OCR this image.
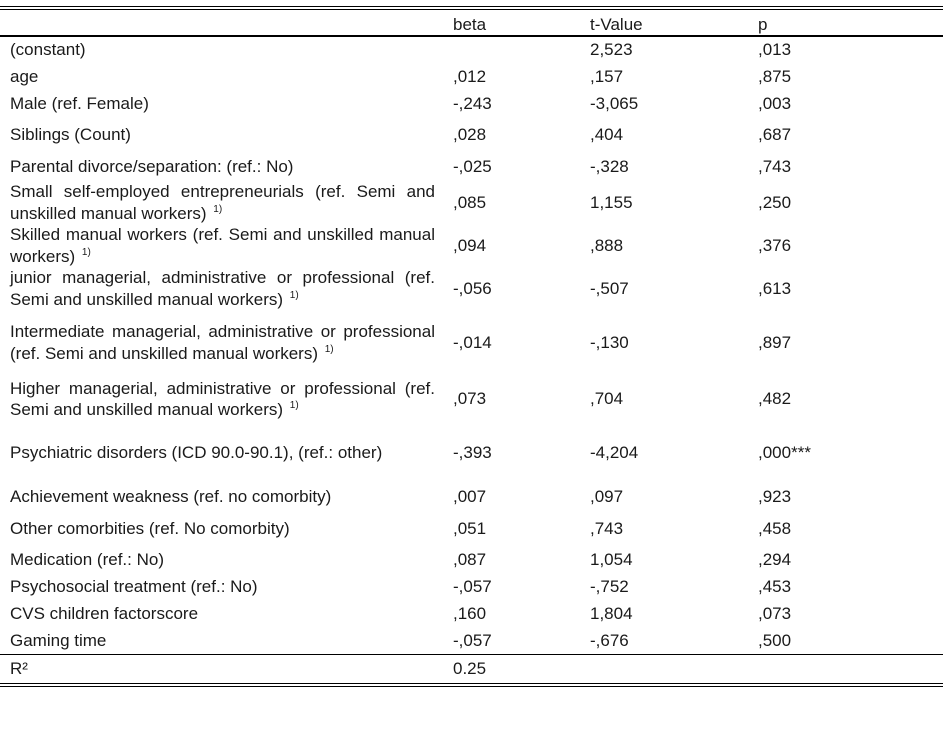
	beta	t-Value	p
(constant)		2,523	,013
age	,012	,157	,875
Male (ref. Female)	-,243	-3,065	,003
Siblings (Count)	,028	,404	,687
Parental divorce/separation: (ref.: No)	-,025	-,328	,743
Small self-employed entrepreneurials (ref. Semi and unskilled manual workers) $^{1)}$	,085	1,155	,250
Skilled manual workers (ref. Semi and unskilled manual workers) $^{1)}$	,094	,888	,376
junior managerial, administrative or professional (ref. Semi and unskilled manual workers) $^{1)}$	-,056	-,507	,613
Intermediate managerial, administrative or professional (ref. Semi and unskilled manual workers) $^{1)}$	-,014	-,130	,897
Higher managerial, administrative or professional (ref. Semi and unskilled manual workers) $^{1)}$	,073	,704	,482
Psychiatric disorders (ICD 90.0-90.1), (ref.: other)	-,393	-4,204	,000***
Achievement weakness (ref. no comorbity)	,007	,097	,923
Other comorbities (ref. No comorbity)	,051	,743	,458
Medication (ref.: No)	,087	1,054	,294
Psychosocial treatment (ref.: No)	-,057	-,752	,453
CVS children factorscore	,160	1,804	,073
Gaming time	-,057	-,676	,500
R²	0.25		
